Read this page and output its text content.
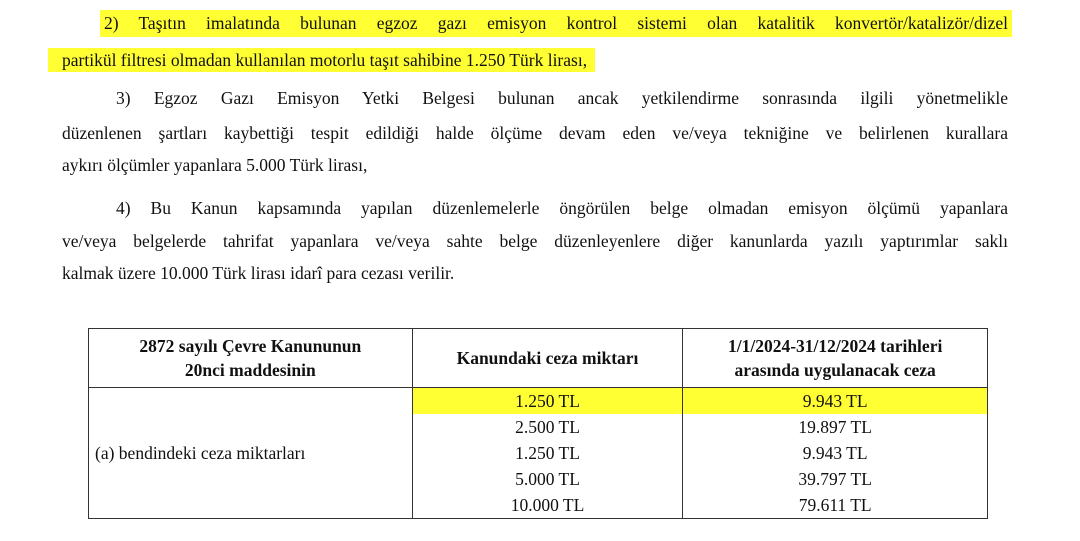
2) Taşıtın imalatında bulunan egzoz gazı emisyon kontrol sistemi olan katalitik konvertör/katalizör/dizel
partikül filtresi olmadan kullanılan motorlu taşıt sahibine 1.250 Türk lirası,
3) Egzoz Gazı Emisyon Yetki Belgesi bulunan ancak yetkilendirme sonrasında ilgili yönetmelikle
düzenlenen şartları kaybettiği tespit edildiği halde ölçüme devam eden ve/veya tekniğine ve belirlenen kurallara
aykırı ölçümler yapanlara 5.000 Türk lirası,
4) Bu Kanun kapsamında yapılan düzenlemelerle öngörülen belge olmadan emisyon ölçümü yapanlara
ve/veya belgelerde tahrifat yapanlara ve/veya sahte belge düzenleyenlere diğer kanunlarda yazılı yaptırımlar saklı
kalmak üzere 10.000 Türk lirası idarî para cezası verilir.
2872 sayılı Çevre Kanununun 20nci maddesinin	Kanundaki ceza miktarı	1/1/2024-31/12/2024 tarihleri arasında uygulanacak ceza
(a) bendindeki ceza miktarları	1.250 TL	9.943 TL
	2.500 TL	19.897 TL
	1.250 TL	9.943 TL
	5.000 TL	39.797 TL
	10.000 TL	79.611 TL
